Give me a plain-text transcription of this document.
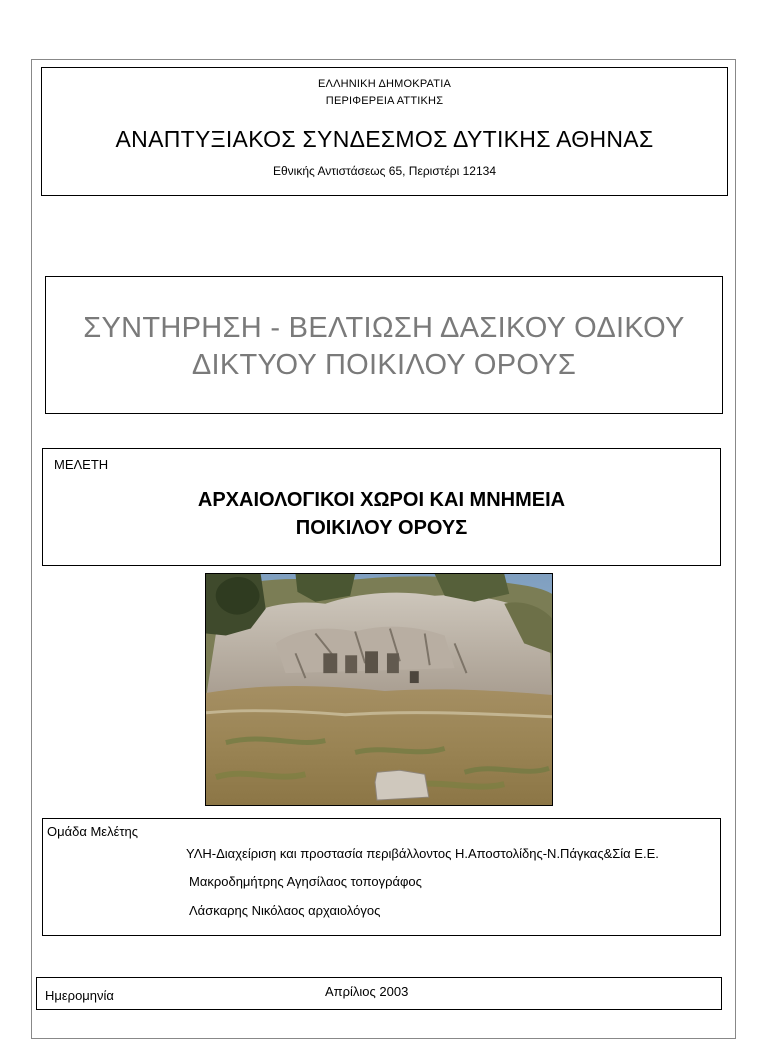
ΕΛΛΗΝΙΚΗ ΔΗΜΟΚΡΑΤΙΑ
ΠΕΡΙΦΕΡΕΙΑ ΑΤΤΙΚΗΣ
ΑΝΑΠΤΥΞΙΑΚΟΣ ΣΥΝΔΕΣΜΟΣ ΔΥΤΙΚΗΣ ΑΘΗΝΑΣ
Εθνικής Αντιστάσεως 65, Περιστέρι 12134
ΣΥΝΤΗΡΗΣΗ - ΒΕΛΤΙΩΣΗ ΔΑΣΙΚΟΥ ΟΔΙΚΟΥ
ΔΙΚΤΥΟΥ ΠΟΙΚΙΛΟΥ ΟΡΟΥΣ
ΜΕΛΕΤΗ
ΑΡΧΑΙΟΛΟΓΙΚΟΙ ΧΩΡΟΙ ΚΑΙ ΜΝΗΜΕΙΑ
ΠΟΙΚΙΛΟΥ ΟΡΟΥΣ
Ομάδα Μελέτης
ΥΛΗ-Διαχείριση και προστασία περιβάλλοντος Η.Αποστολίδης-Ν.Πάγκας&Σία Ε.Ε.
Μακροδημήτρης Αγησίλαος τοπογράφος
Λάσκαρης Νικόλαος αρχαιολόγος
Ημερομηνία	Απρίλιος 2003
